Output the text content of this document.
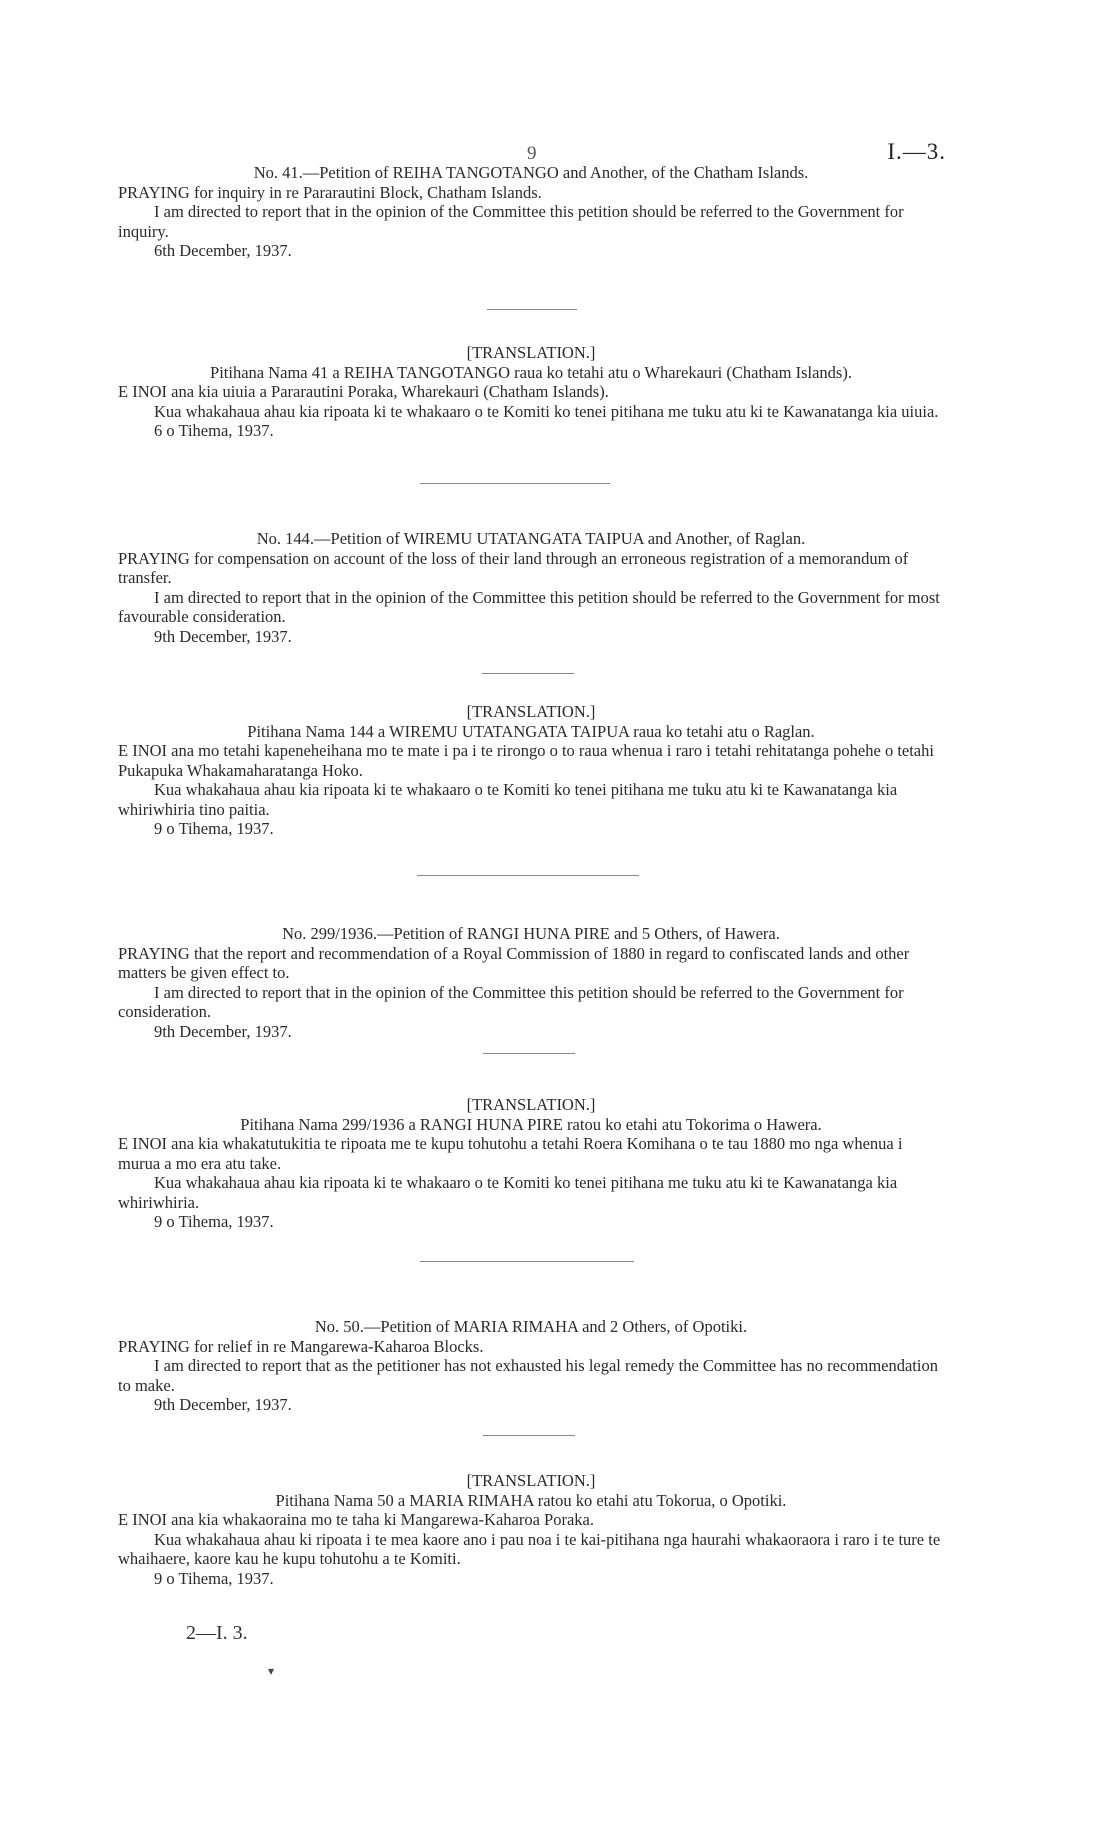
9	I.—3.

No. 41.—Petition of REIHA TANGOTANGO and Another, of the Chatham Islands.

PRAYING for inquiry in re Pararautini Block, Chatham Islands.

I am directed to report that in the opinion of the Committee this petition should be referred to the Government for inquiry.

6th December, 1937.

[TRANSLATION.]

Pitihana Nama 41 a REIHA TANGOTANGO raua ko tetahi atu o Wharekauri (Chatham Islands).

E INOI ana kia uiuia a Pararautini Poraka, Wharekauri (Chatham Islands).

Kua whakahaua ahau kia ripoata ki te whakaaro o te Komiti ko tenei pitihana me tuku atu ki te Kawanatanga kia uiuia.

6 o Tihema, 1937.

No. 144.—Petition of WIREMU UTATANGATA TAIPUA and Another, of Raglan.

PRAYING for compensation on account of the loss of their land through an erroneous registration of a memorandum of transfer.

I am directed to report that in the opinion of the Committee this petition should be referred to the Government for most favourable consideration.

9th December, 1937.

[TRANSLATION.]

Pitihana Nama 144 a WIREMU UTATANGATA TAIPUA raua ko tetahi atu o Raglan.

E INOI ana mo tetahi kapeneheihana mo te mate i pa i te rirongo o to raua whenua i raro i tetahi rehitatanga pohehe o tetahi Pukapuka Whakamaharatanga Hoko.

Kua whakahaua ahau kia ripoata ki te whakaaro o te Komiti ko tenei pitihana me tuku atu ki te Kawanatanga kia whiriwhiria tino paitia.

9 o Tihema, 1937.

No. 299/1936.—Petition of RANGI HUNA PIRE and 5 Others, of Hawera.

PRAYING that the report and recommendation of a Royal Commission of 1880 in regard to confiscated lands and other matters be given effect to.

I am directed to report that in the opinion of the Committee this petition should be referred to the Government for consideration.

9th December, 1937.

[TRANSLATION.]

Pitihana Nama 299/1936 a RANGI HUNA PIRE ratou ko etahi atu Tokorima o Hawera.

E INOI ana kia whakatutukitia te ripoata me te kupu tohutohu a tetahi Roera Komihana o te tau 1880 mo nga whenua i murua a mo era atu take.

Kua whakahaua ahau kia ripoata ki te whakaaro o te Komiti ko tenei pitihana me tuku atu ki te Kawanatanga kia whiriwhiria.

9 o Tihema, 1937.

No. 50.—Petition of MARIA RIMAHA and 2 Others, of Opotiki.

PRAYING for relief in re Mangarewa-Kaharoa Blocks.

I am directed to report that as the petitioner has not exhausted his legal remedy the Committee has no recommendation to make.

9th December, 1937.

[TRANSLATION.]

Pitihana Nama 50 a MARIA RIMAHA ratou ko etahi atu Tokorua, o Opotiki.

E INOI ana kia whakaoraina mo te taha ki Mangarewa-Kaharoa Poraka.

Kua whakahaua ahau ki ripoata i te mea kaore ano i pau noa i te kai-pitihana nga haurahi whakaoraora i raro i te ture te whaihaere, kaore kau he kupu tohutohu a te Komiti.

9 o Tihema, 1937.

2—I. 3.
▾
